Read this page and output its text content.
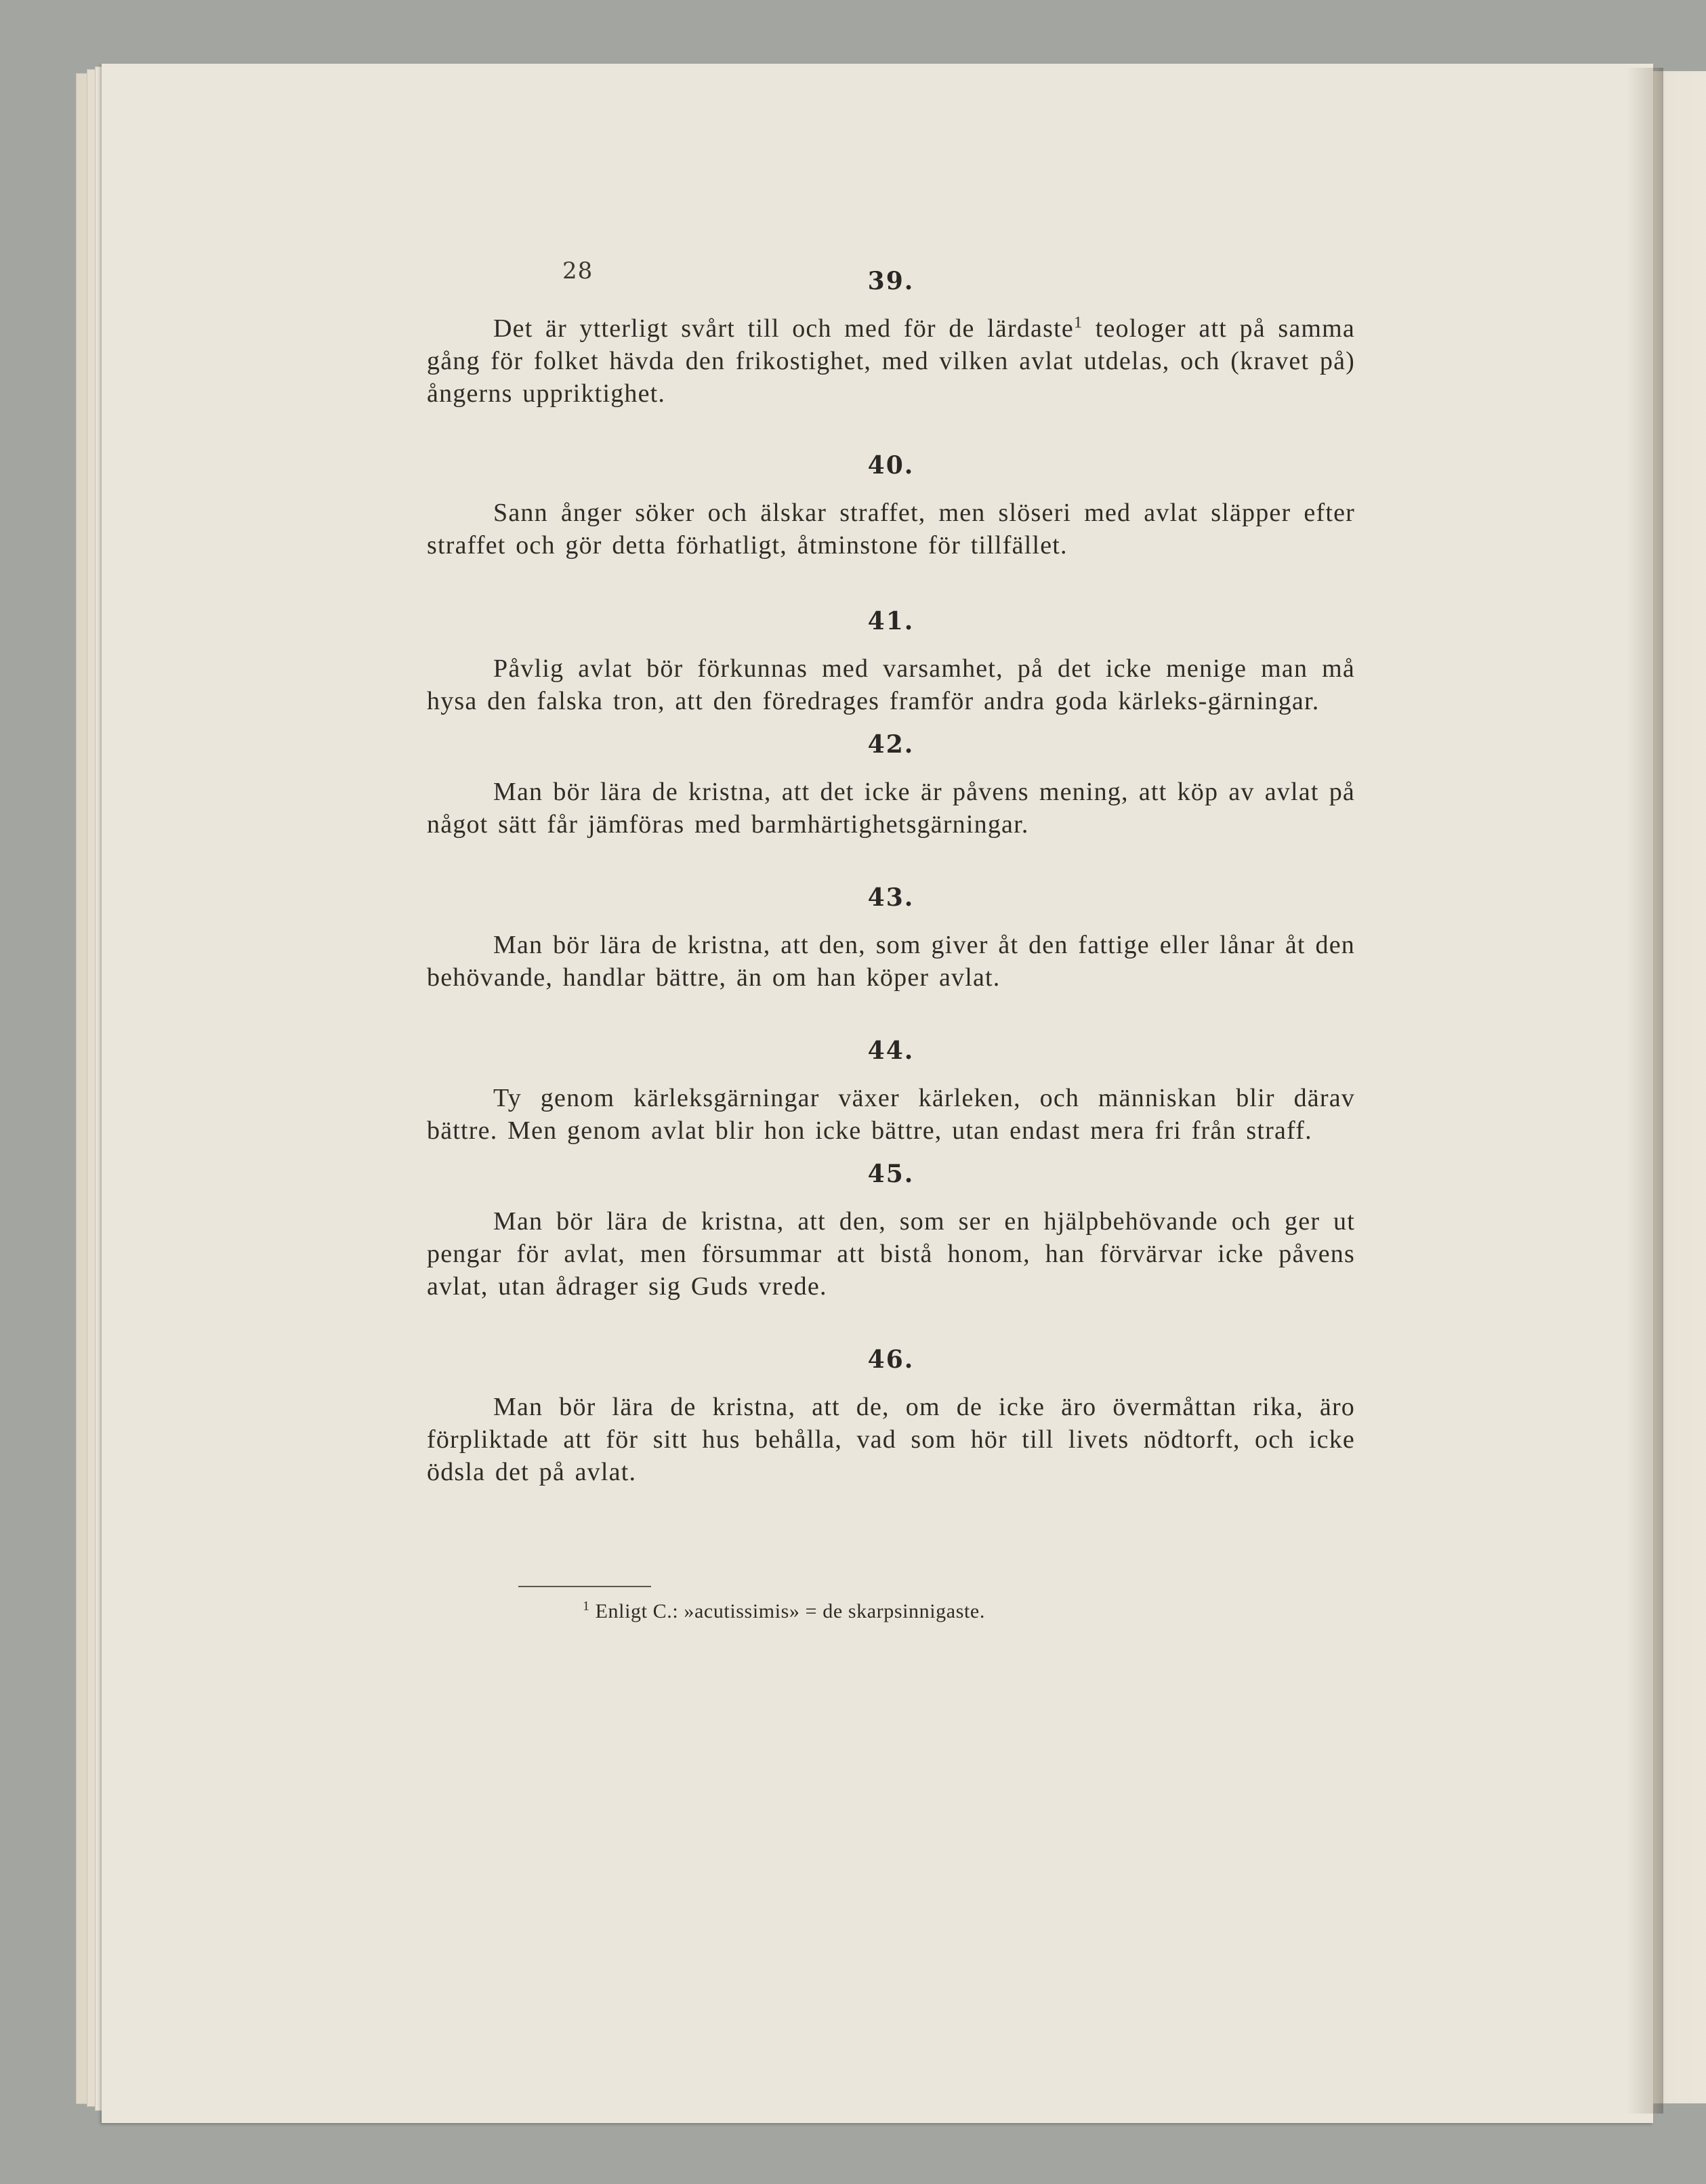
28	39.

Det är ytterligt svårt till och med för de lärdaste$^1$ teologer att på samma gång för folket hävda den frikostighet, med vilken avlat utdelas, och (kravet på) ångerns uppriktighet.

40.

Sann ånger söker och älskar straffet, men slöseri med avlat släpper efter straffet och gör detta förhatligt, åtminstone för tillfället.

41.

Påvlig avlat bör förkunnas med varsamhet, på det icke menige man må hysa den falska tron, att den föredrages framför andra goda kärleks-gärningar.

42.

Man bör lära de kristna, att det icke är påvens mening, att köp av avlat på något sätt får jämföras med barmhärtighetsgärningar.

43.

Man bör lära de kristna, att den, som giver åt den fattige eller lånar åt den behövande, handlar bättre, än om han köper avlat.

44.

Ty genom kärleksgärningar växer kärleken, och människan blir därav bättre. Men genom avlat blir hon icke bättre, utan endast mera fri från straff.

45.

Man bör lära de kristna, att den, som ser en hjälpbehövande och ger ut pengar för avlat, men försummar att bistå honom, han förvärvar icke påvens avlat, utan ådrager sig Guds vrede.

46.

Man bör lära de kristna, att de, om de icke äro övermåttan rika, äro förpliktade att för sitt hus behålla, vad som hör till livets nödtorft, och icke ödsla det på avlat.

$^1$ Enligt C.: »acutissimis» = de skarpsinnigaste.
